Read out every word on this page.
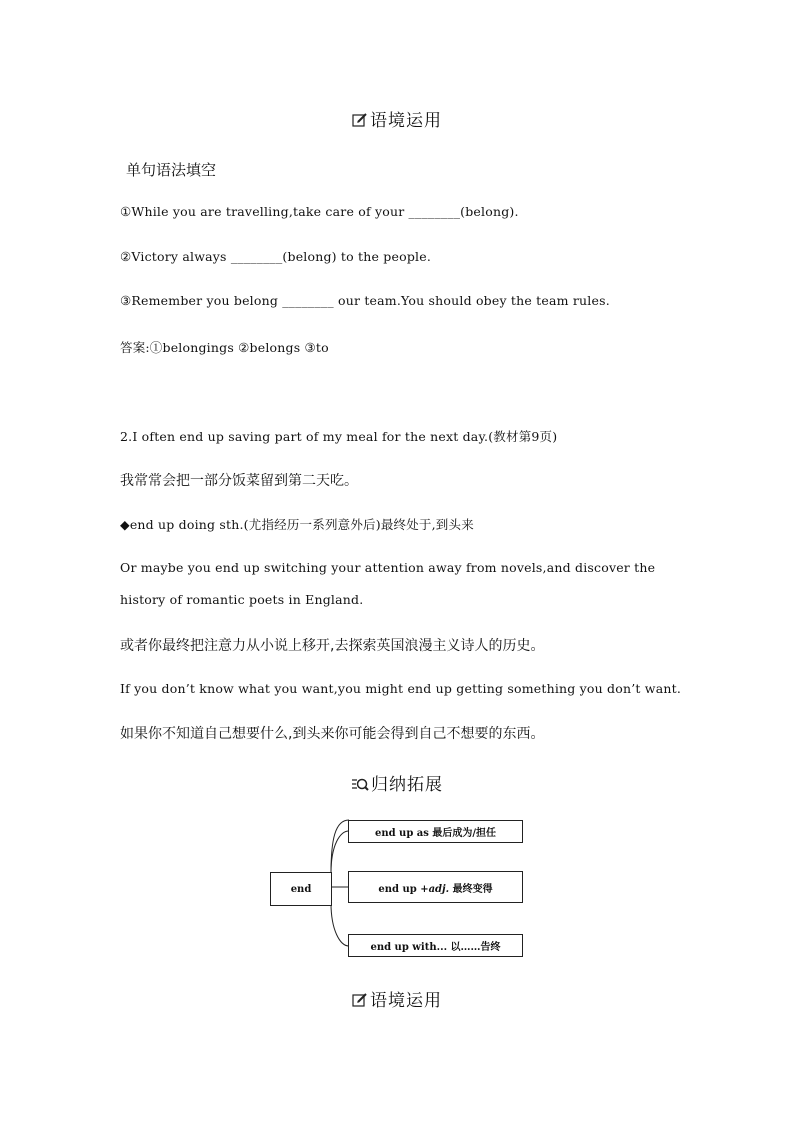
语境运用
单句语法填空
①While you are travelling,take care of your ________(belong).
②Victory always ________(belong) to the people.
③Remember you belong ________ our team.You should obey the team rules.
答案:①belongings ②belongs ③to
2.I often end up saving part of my meal for the next day.(教材第9页)
我常常会把一部分饭菜留到第二天吃。
◆end up doing sth.(尤指经历一系列意外后)最终处于,到头来
Or maybe you end up switching your attention away from novels,and discover the
history of romantic poets in England.
或者你最终把注意力从小说上移开,去探索英国浪漫主义诗人的历史。
If you don’t know what you want,you might end up getting something you don’t want.
如果你不知道自己想要什么,到头来你可能会得到自己不想要的东西。
归纳拓展
end
end up as 最后成为/担任
end up +adj. 最终变得
end up with... 以……告终
语境运用
